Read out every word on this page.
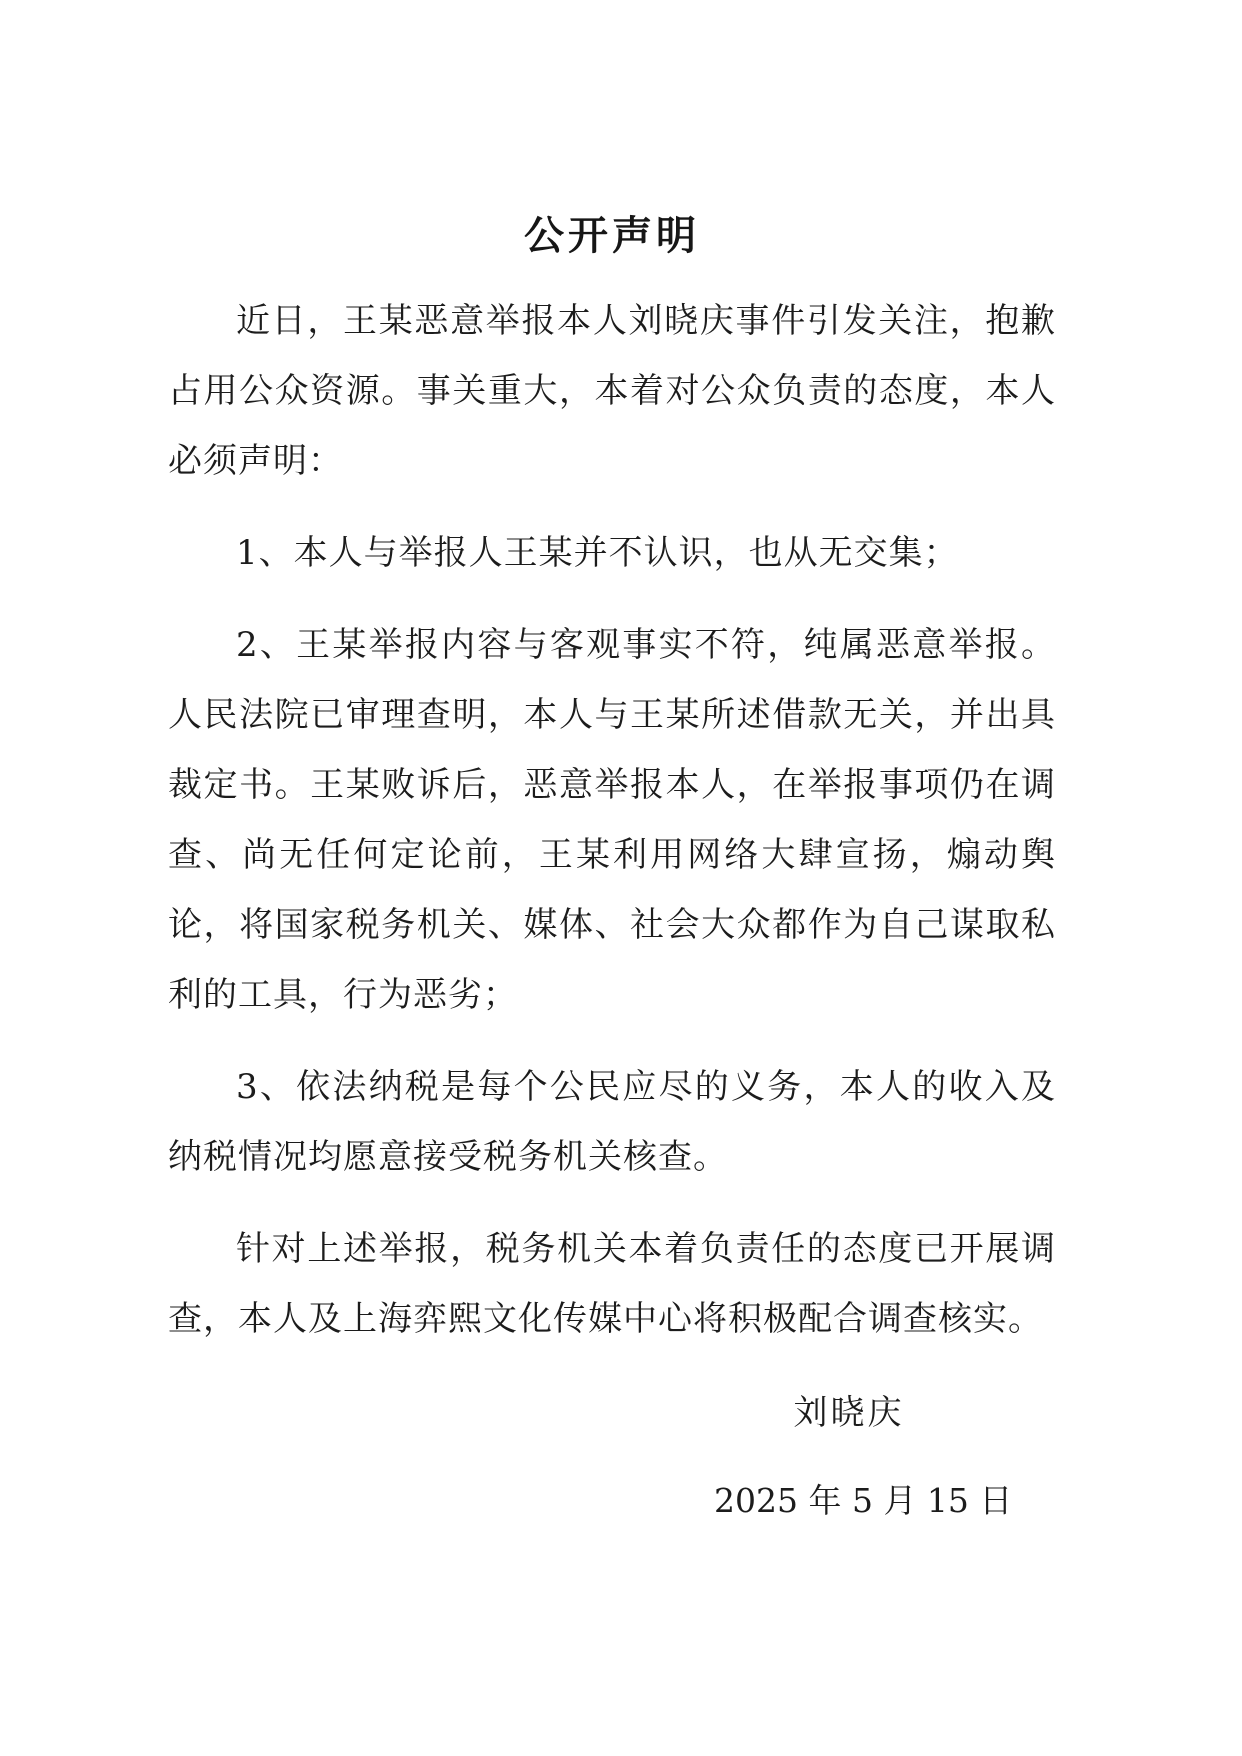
公开声明

近日，王某恶意举报本人刘晓庆事件引发关注，抱歉占用公众资源。事关重大，本着对公众负责的态度，本人必须声明：

1、本人与举报人王某并不认识，也从无交集；

2、王某举报内容与客观事实不符，纯属恶意举报。人民法院已审理查明，本人与王某所述借款无关，并出具裁定书。王某败诉后，恶意举报本人，在举报事项仍在调查、尚无任何定论前，王某利用网络大肆宣扬，煽动舆论，将国家税务机关、媒体、社会大众都作为自己谋取私利的工具，行为恶劣；

3、依法纳税是每个公民应尽的义务，本人的收入及纳税情况均愿意接受税务机关核查。

针对上述举报，税务机关本着负责任的态度已开展调查，本人及上海弈熙文化传媒中心将积极配合调查核实。

刘晓庆
2025 年 5 月 15 日
